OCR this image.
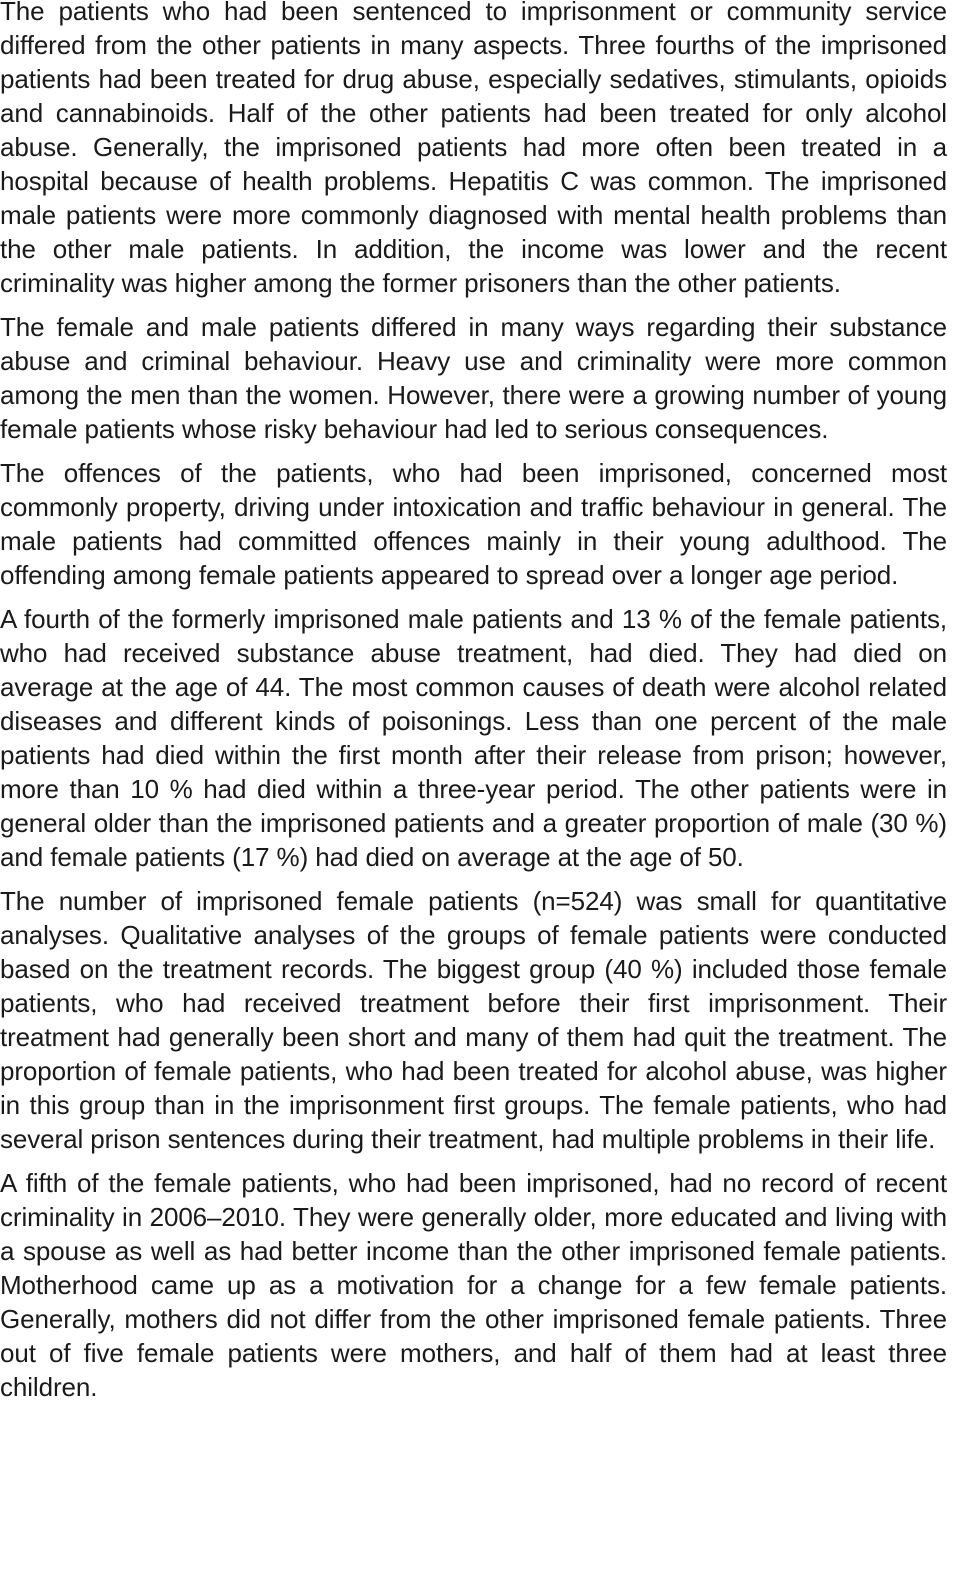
The patients who had been sentenced to imprisonment or community service differed from the other patients in many aspects. Three fourths of the imprisoned patients had been treated for drug abuse, especially sedatives, stimulants, opioids and cannabinoids. Half of the other patients had been treated for only alcohol abuse. Generally, the imprisoned patients had more often been treated in a hospital because of health problems. Hepatitis C was common. The imprisoned male patients were more commonly diagnosed with mental health problems than the other male patients. In addition, the income was lower and the recent criminality was higher among the former prisoners than the other patients.

The female and male patients differed in many ways regarding their substance abuse and criminal behaviour. Heavy use and criminality were more common among the men than the women. However, there were a growing number of young female patients whose risky behaviour had led to serious consequences.

The offences of the patients, who had been imprisoned, concerned most commonly property, driving under intoxication and traffic behaviour in general. The male patients had committed offences mainly in their young adulthood. The offending among female patients appeared to spread over a longer age period.

A fourth of the formerly imprisoned male patients and 13 % of the female patients, who had received substance abuse treatment, had died. They had died on average at the age of 44. The most common causes of death were alcohol related diseases and different kinds of poisonings. Less than one percent of the male patients had died within the first month after their release from prison; however, more than 10 % had died within a three-year period. The other patients were in general older than the imprisoned patients and a greater proportion of male (30 %) and female patients (17 %) had died on average at the age of 50.

The number of imprisoned female patients (n=524) was small for quantitative analyses. Qualitative analyses of the groups of female patients were conducted based on the treatment records. The biggest group (40 %) included those female patients, who had received treatment before their first imprisonment. Their treatment had generally been short and many of them had quit the treatment. The proportion of female patients, who had been treated for alcohol abuse, was higher in this group than in the imprisonment first groups. The female patients, who had several prison sentences during their treatment, had multiple problems in their life.

A fifth of the female patients, who had been imprisoned, had no record of recent criminality in 2006–2010. They were generally older, more educated and living with a spouse as well as had better income than the other imprisoned female patients. Motherhood came up as a motivation for a change for a few female patients. Generally, mothers did not differ from the other imprisoned female patients. Three out of five female patients were mothers, and half of them had at least three children.
